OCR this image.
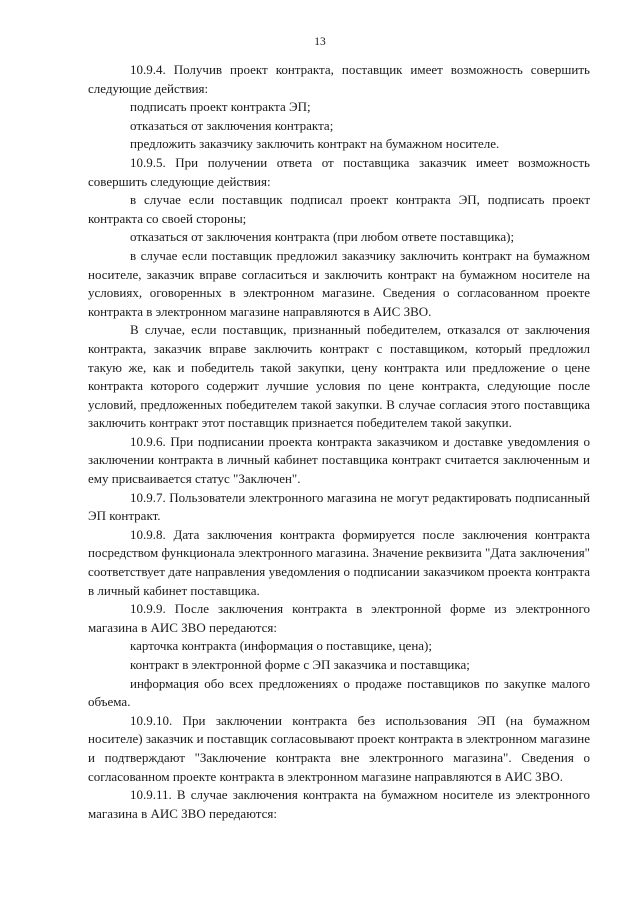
13

10.9.4. Получив проект контракта, поставщик имеет возможность совершить следующие действия:

подписать проект контракта ЭП;

отказаться от заключения контракта;

предложить заказчику заключить контракт на бумажном носителе.

10.9.5. При получении ответа от поставщика заказчик имеет возможность совершить следующие действия:

в случае если поставщик подписал проект контракта ЭП, подписать проект контракта со своей стороны;

отказаться от заключения контракта (при любом ответе поставщика);

в случае если поставщик предложил заказчику заключить контракт на бумажном носителе, заказчик вправе согласиться и заключить контракт на бумажном носителе на условиях, оговоренных в электронном магазине. Сведения о согласованном проекте контракта в электронном магазине направляются в АИС ЗВО.

В случае, если поставщик, признанный победителем, отказался от заключения контракта, заказчик вправе заключить контракт с поставщиком, который предложил такую же, как и победитель такой закупки, цену контракта или предложение о цене контракта которого содержит лучшие условия по цене контракта, следующие после условий, предложенных победителем такой закупки. В случае согласия этого поставщика заключить контракт этот поставщик признается победителем такой закупки.

10.9.6. При подписании проекта контракта заказчиком и доставке уведомления о заключении контракта в личный кабинет поставщика контракт считается заключенным и ему присваивается статус "Заключен".

10.9.7. Пользователи электронного магазина не могут редактировать подписанный ЭП контракт.

10.9.8. Дата заключения контракта формируется после заключения контракта посредством функционала электронного магазина. Значение реквизита "Дата заключения" соответствует дате направления уведомления о подписании заказчиком проекта контракта в личный кабинет поставщика.

10.9.9. После заключения контракта в электронной форме из электронного магазина в АИС ЗВО передаются:

карточка контракта (информация о поставщике, цена);

контракт в электронной форме с ЭП заказчика и поставщика;

информация обо всех предложениях о продаже поставщиков по закупке малого объема.

10.9.10. При заключении контракта без использования ЭП (на бумажном носителе) заказчик и поставщик согласовывают проект контракта в электронном магазине и подтверждают "Заключение контракта вне электронного магазина". Сведения о согласованном проекте контракта в электронном магазине направляются в АИС ЗВО.

10.9.11. В случае заключения контракта на бумажном носителе из электронного магазина в АИС ЗВО передаются:
